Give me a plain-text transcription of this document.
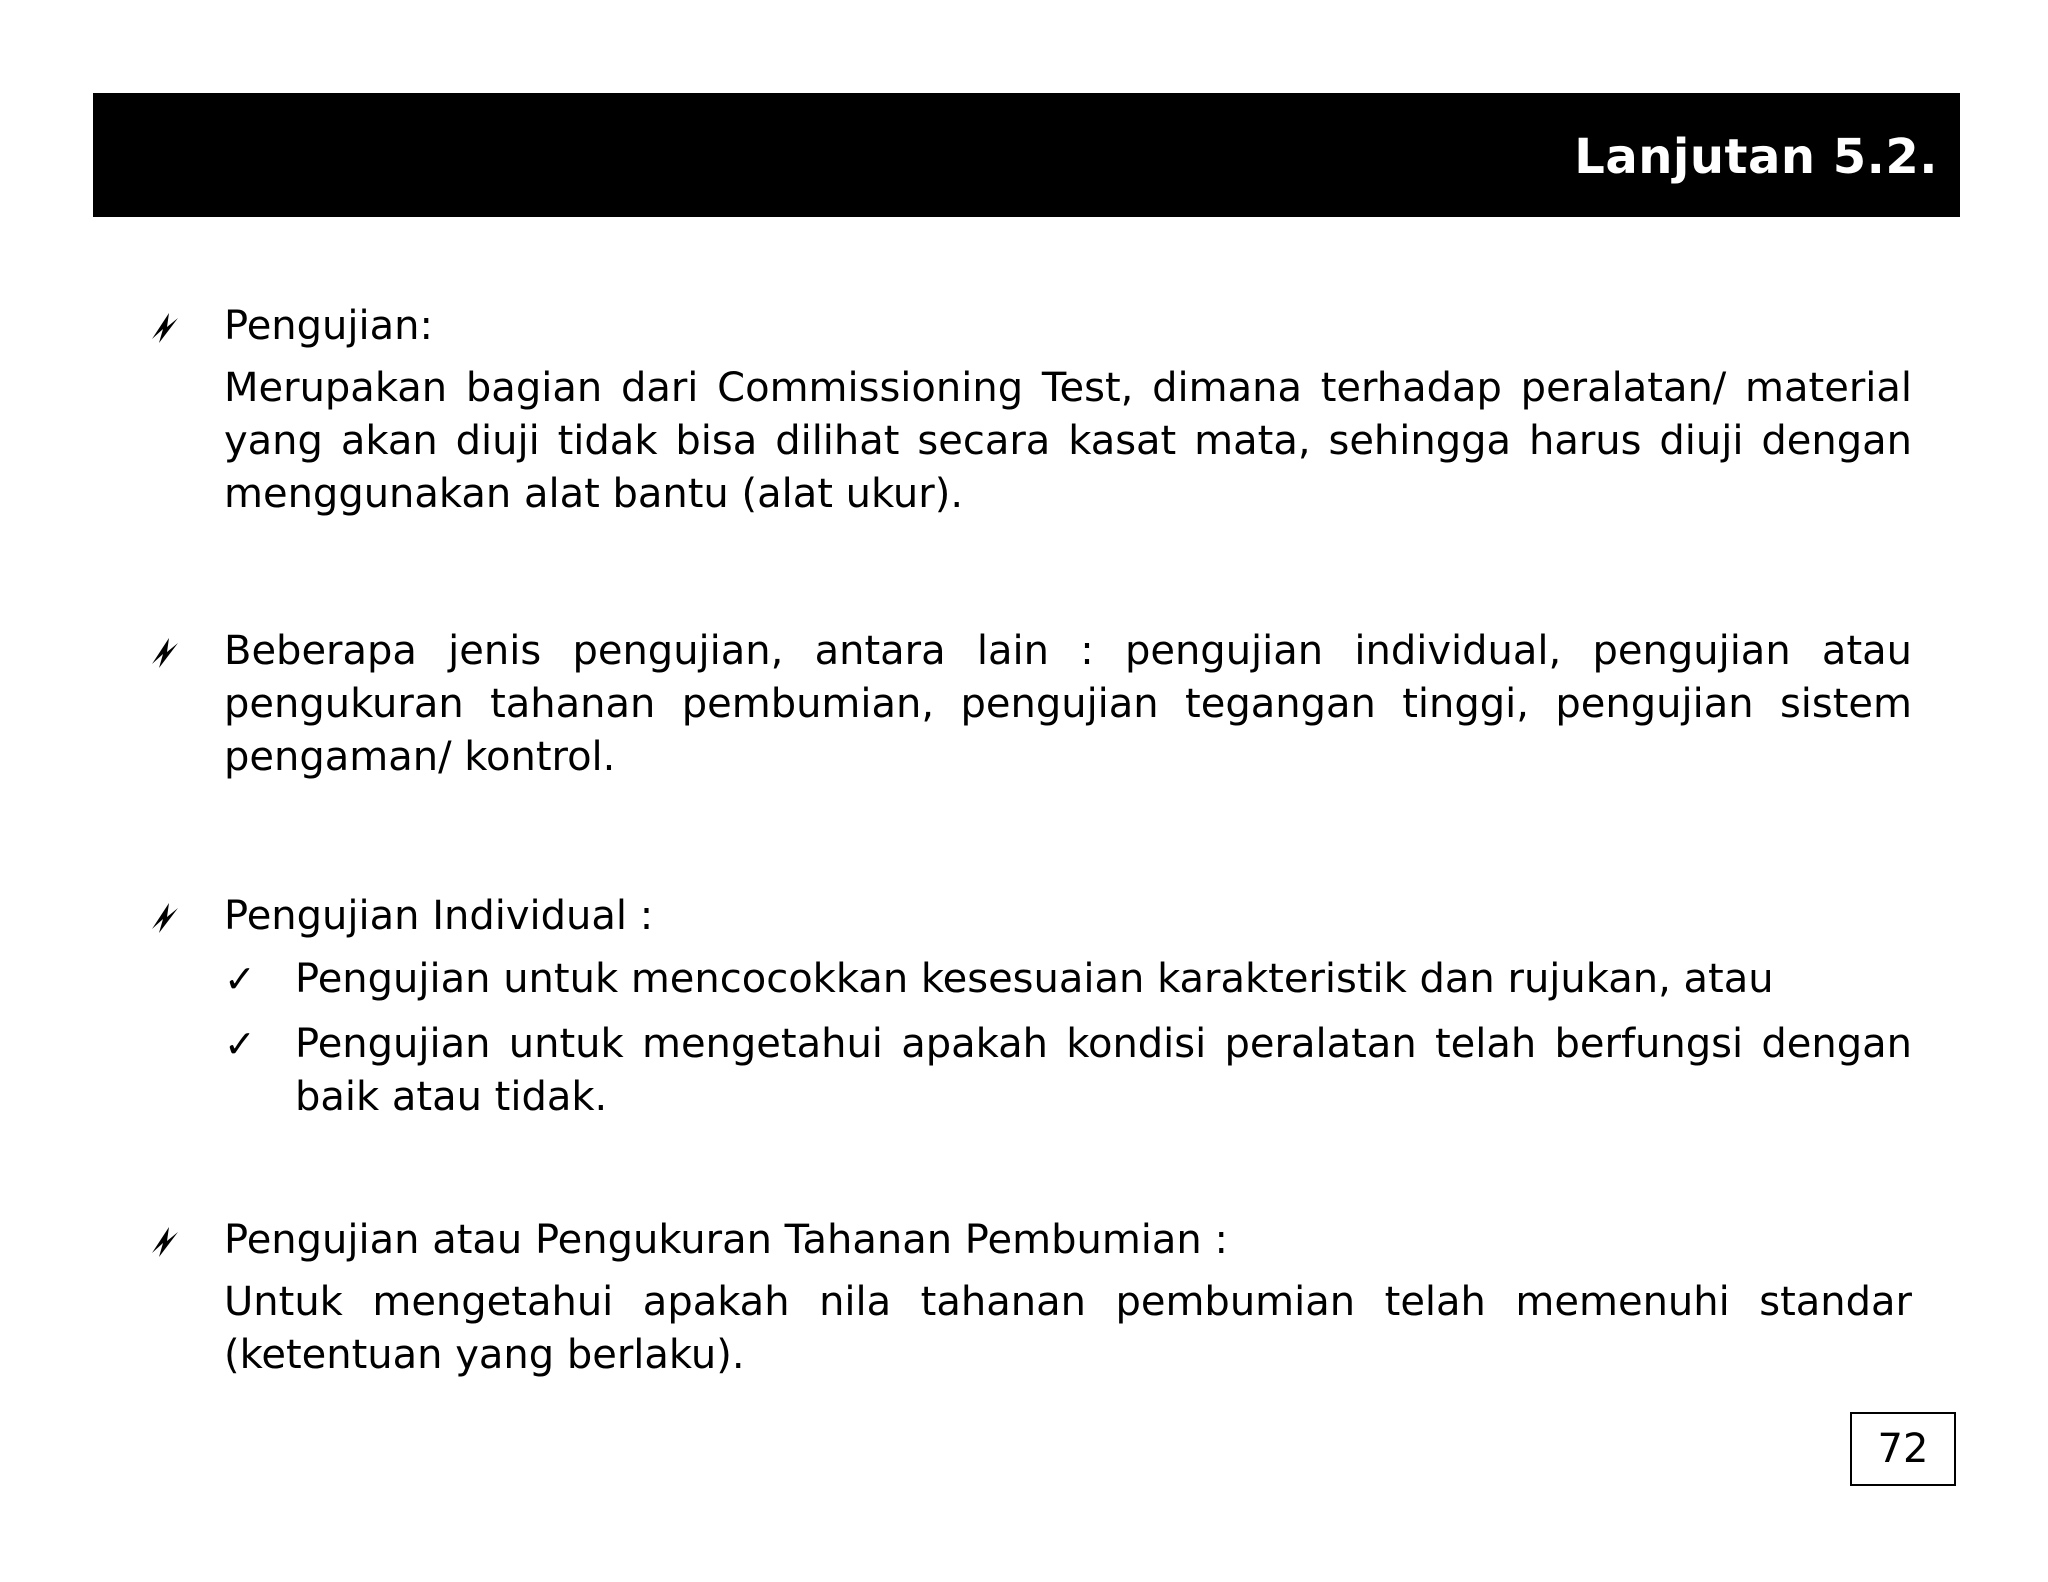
Lanjutan 5.2.

Pengujian:

Merupakan bagian dari Commissioning Test, dimana terhadap peralatan/ material yang akan diuji tidak bisa dilihat secara kasat mata, sehingga harus diuji dengan menggunakan alat bantu (alat ukur).

Beberapa jenis pengujian, antara lain : pengujian individual, pengujian atau pengukuran tahanan pembumian, pengujian tegangan tinggi, pengujian sistem pengaman/ kontrol.

Pengujian Individual :

✓ Pengujian untuk mencocokkan kesesuaian karakteristik dan rujukan, atau
✓ Pengujian untuk mengetahui apakah kondisi peralatan telah berfungsi dengan baik atau tidak.

Pengujian atau Pengukuran Tahanan Pembumian :

Untuk mengetahui apakah nila tahanan pembumian telah memenuhi standar (ketentuan yang berlaku).

72
